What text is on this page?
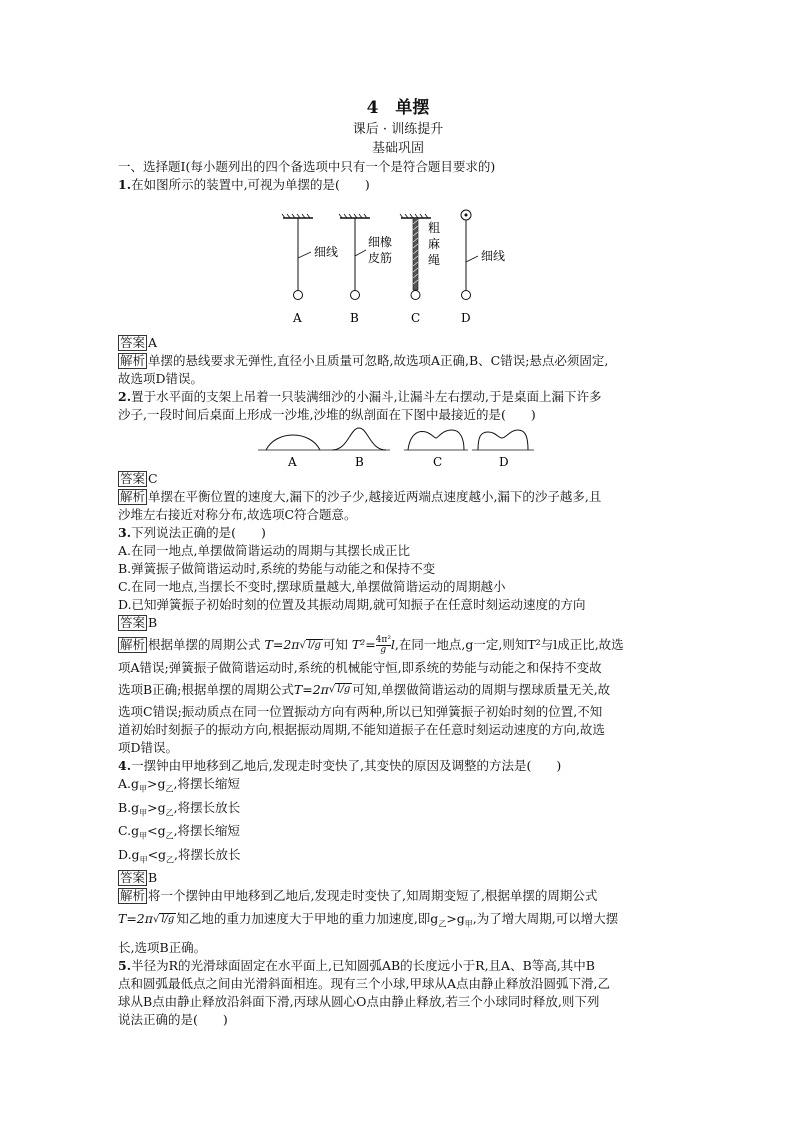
4　单摆
课后 · 训练提升
基础巩固
一、选择题Ⅰ(每小题列出的四个备选项中只有一个是符合题目要求的)
1.在如图所示的装置中,可视为单摆的是(　　)
细线
A
细橡
皮筋
B
粗
麻
绳
C
细线
D
答案 A
解析 单摆的悬线要求无弹性,直径小且质量可忽略,故选项A正确,B、C错误;悬点必须固定,
故选项D错误。
2.置于水平面的支架上吊着一只装满细沙的小漏斗,让漏斗左右摆动,于是桌面上漏下许多
沙子,一段时间后桌面上形成一沙堆,沙堆的纵剖面在下图中最接近的是(　　)
A	B	C	D
答案 C
解析 单摆在平衡位置的速度大,漏下的沙子少,越接近两端点速度越小,漏下的沙子越多,且
沙堆左右接近对称分布,故选项C符合题意。
3.下列说法正确的是(　　)
A.在同一地点,单摆做简谐运动的周期与其摆长成正比
B.弹簧振子做简谐运动时,系统的势能与动能之和保持不变
C.在同一地点,当摆长不变时,摆球质量越大,单摆做简谐运动的周期越小
D.已知弹簧振子初始时刻的位置及其振动周期,就可知振子在任意时刻运动速度的方向
答案 B
解析 根据单摆的周期公式 T=2π√ l/g 可知 $T^2= \frac{\text{4π²}}{g} l$,在同一地点,g一定,则知T²与l成正比,故选
项A错误;弹簧振子做简谐运动时,系统的机械能守恒,即系统的势能与动能之和保持不变故
选项B正确;根据单摆的周期公式T=2π√ l/g 可知,单摆做简谐运动的周期与摆球质量无关,故
选项C错误;振动质点在同一位置振动方向有两种,所以已知弹簧振子初始时刻的位置,不知
道初始时刻振子的振动方向,根据振动周期,不能知道振子在任意时刻运动速度的方向,故选
项D错误。
4.一摆钟由甲地移到乙地后,发现走时变快了,其变快的原因及调整的方法是(　　)
$A.g_甲>g_乙$,将摆长缩短
$B.g_甲>g_乙$,将摆长放长
$C.g_甲<g_乙$,将摆长缩短
$D.g_甲<g_乙$,将摆长放长
答案 B
解析 将一个摆钟由甲地移到乙地后,发现走时变快了,知周期变短了,根据单摆的周期公式
T=2π√ l/g 知乙地的重力加速度大于甲地的重力加速度,即$g_乙>g_甲$,为了增大周期,可以增大摆
长,选项B正确。
5.半径为R的光滑球面固定在水平面上,已知圆弧AB的长度远小于R,且A、B等高,其中B
点和圆弧最低点之间由光滑斜面相连。现有三个小球,甲球从A点由静止释放沿圆弧下滑,乙
球从B点由静止释放沿斜面下滑,丙球从圆心O点由静止释放,若三个小球同时释放,则下列
说法正确的是(　　)
